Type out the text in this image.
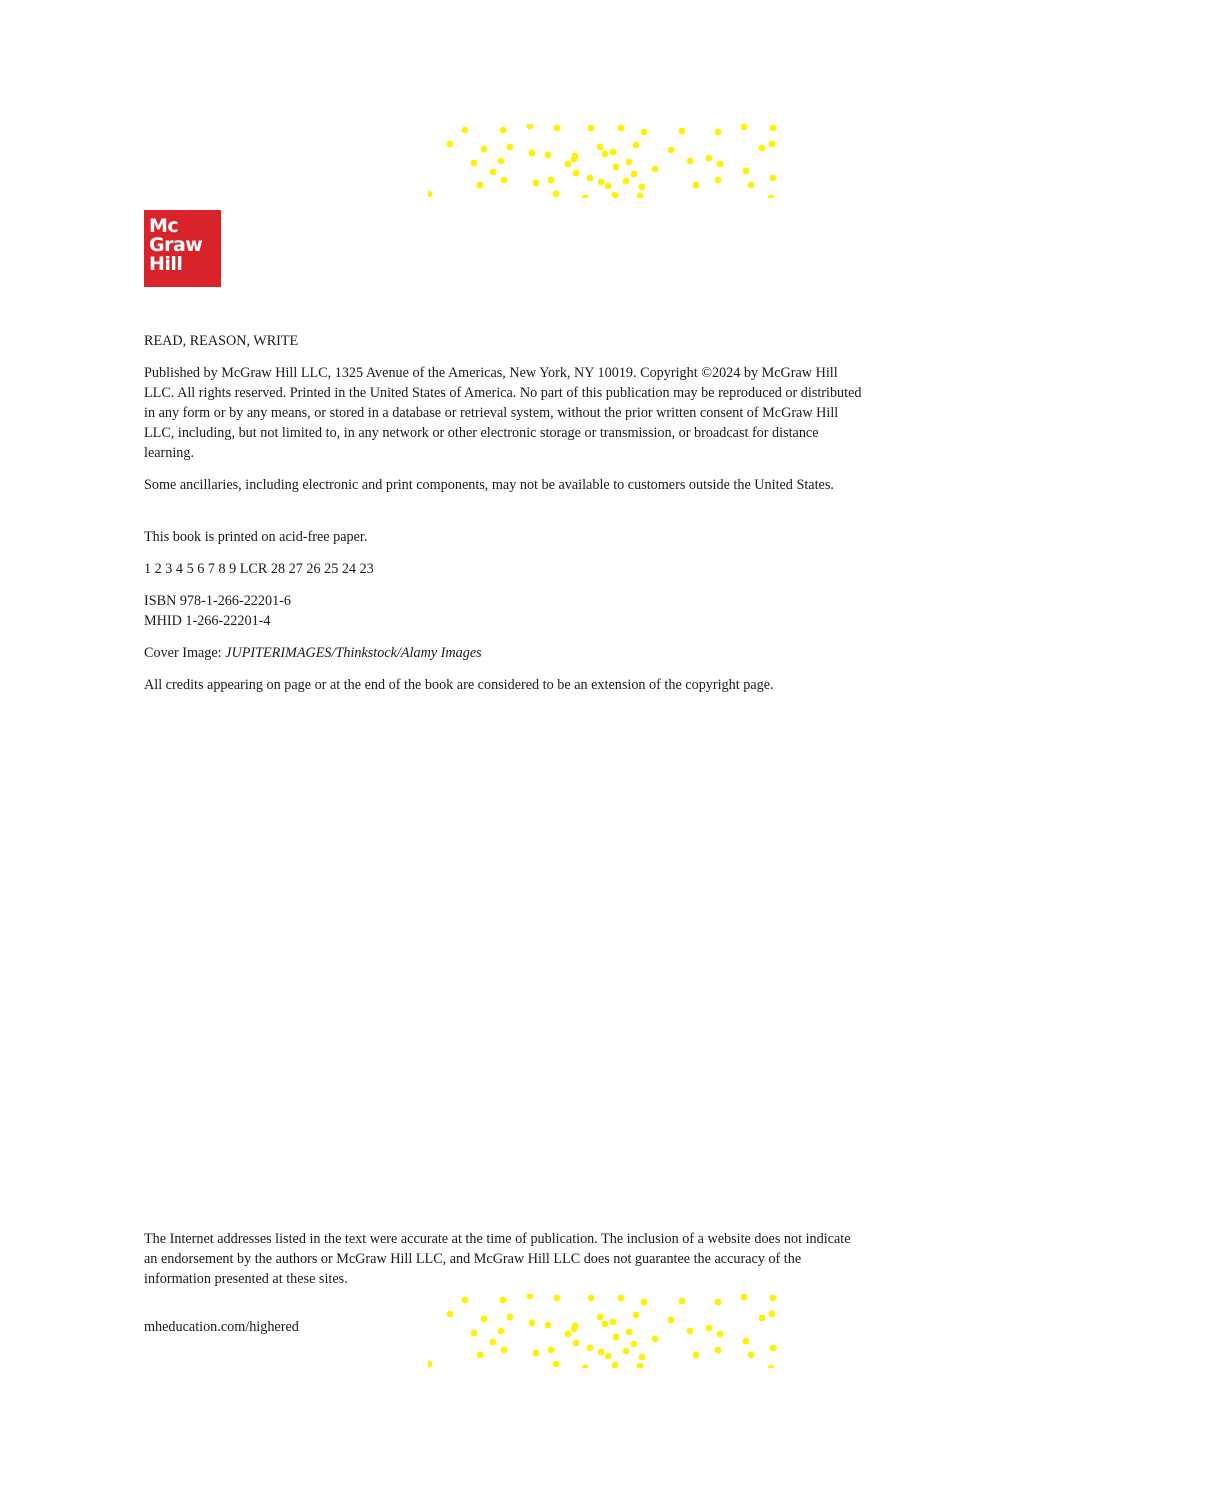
Mc
Graw
Hill
READ, REASON, WRITE
Published by McGraw Hill LLC, 1325 Avenue of the Americas, New York, NY 10019. Copyright ©2024 by McGraw Hill LLC. All rights reserved. Printed in the United States of America. No part of this publication may be reproduced or distributed in any form or by any means, or stored in a database or retrieval system, without the prior written consent of McGraw Hill LLC, including, but not limited to, in any network or other electronic storage or transmission, or broadcast for distance learning.
Some ancillaries, including electronic and print components, may not be available to customers outside the United States.
This book is printed on acid-free paper.
1 2 3 4 5 6 7 8 9 LCR 28 27 26 25 24 23

ISBN 978-1-266-22201-6

MHID 1-266-22201-4

Cover Image: JUPITERIMAGES/Thinkstock/Alamy Images
All credits appearing on page or at the end of the book are considered to be an extension of the copyright page.
The Internet addresses listed in the text were accurate at the time of publication. The inclusion of a website does not indicate an endorsement by the authors or McGraw Hill LLC, and McGraw Hill LLC does not guarantee the accuracy of the information presented at these sites.
mheducation.com/highered
